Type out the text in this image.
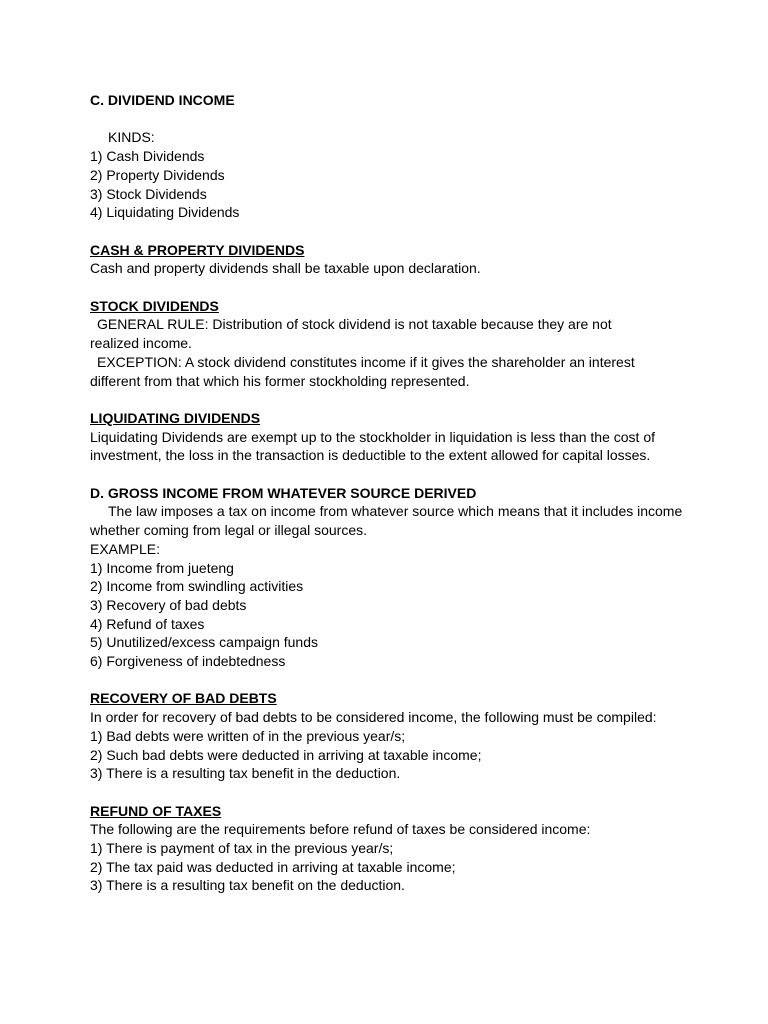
C. DIVIDEND INCOME
KINDS:
1) Cash Dividends
2) Property Dividends
3) Stock Dividends
4) Liquidating Dividends
CASH & PROPERTY DIVIDENDS
Cash and property dividends shall be taxable upon declaration.
STOCK DIVIDENDS
GENERAL RULE: Distribution of stock dividend is not taxable because they are not
realized income.
EXCEPTION: A stock dividend constitutes income if it gives the shareholder an interest
different from that which his former stockholding represented.
LIQUIDATING DIVIDENDS
Liquidating Dividends are exempt up to the stockholder in liquidation is less than the cost of
investment, the loss in the transaction is deductible to the extent allowed for capital losses.
D. GROSS INCOME FROM WHATEVER SOURCE DERIVED
The law imposes a tax on income from whatever source which means that it includes income
whether coming from legal or illegal sources.
EXAMPLE:
1) Income from jueteng
2) Income from swindling activities
3) Recovery of bad debts
4) Refund of taxes
5) Unutilized/excess campaign funds
6) Forgiveness of indebtedness
RECOVERY OF BAD DEBTS
In order for recovery of bad debts to be considered income, the following must be compiled:
1) Bad debts were written of in the previous year/s;
2) Such bad debts were deducted in arriving at taxable income;
3) There is a resulting tax benefit in the deduction.
REFUND OF TAXES
The following are the requirements before refund of taxes be considered income:
1) There is payment of tax in the previous year/s;
2) The tax paid was deducted in arriving at taxable income;
3) There is a resulting tax benefit on the deduction.
